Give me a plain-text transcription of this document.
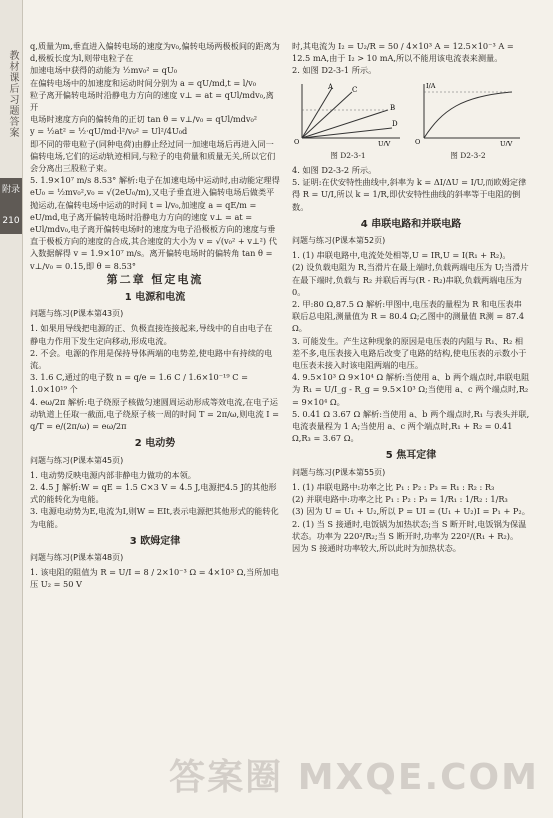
教材课后习题答案
附录
210

q,质量为m,垂直进入偏转电场的速度为v₀,偏转电场两极板间的距离为d,极板长度为l,则带电粒子在

加速电场中获得的动能为 ½mv₀² = qU₀

在偏转电场中的加速度和运动时间分别为 a = qU/md,t = l/v₀

粒子离开偏转电场时沿静电力方向的速度 v⊥ = at = qUl/mdv₀,离开

电场时速度方向的偏转角的正切 tan θ = v⊥/v₀ = qUl/mdv₀²

y = ½at² = ½·qU/md·l²/v₀² = Ul²/4U₀d

即不同的带电粒子(同种电荷)由静止经过同一加速电场后再进入同一偏转电场,它们的运动轨迹相同,与粒子的电荷量和质量无关,所以它们会分离出三股粒子束。

5. 1.9×10⁷ m/s 8.53° 解析:电子在加速电场中运动时,由动能定理得 eU₀ = ½mv₀²,v₀ = √(2eU₀/m),又电子垂直进入偏转电场后做类平抛运动,在偏转电场中运动的时间 t = l/v₀,加速度 a = qE/m = eU/md,电子离开偏转电场时沿静电力方向的速度 v⊥ = at = eUl/mdv₀,电子离开偏转电场时的速度为电子沿极板方向的速度与垂直于极板方向的速度的合成,其合速度的大小为 v = √(v₀² + v⊥²) 代入数据解得 v = 1.9×10⁷ m/s。离开偏转电场时的偏转角 tan θ = v⊥/v₀ = 0.15,即 θ = 8.53°

第二章 恒定电流
1 电源和电流
问题与练习(P课本第43页)

1. 如果用导线把电源的正、负极直接连接起来,导线中的自由电子在静电力作用下发生定向移动,形成电流。

2. 不会。电源的作用是保持导体两端的电势差,使电路中有持续的电流。

3. 1.6 C,通过的电子数 n = q/e = 1.6 C / 1.6×10⁻¹⁹ C = 1.0×10¹⁹ 个

4. eω/2π 解析:电子绕原子核做匀速圆周运动形成等效电流,在电子运动轨道上任取一截面,电子绕原子核一周的时间 T = 2π/ω,则电流 I = q/T = e/(2π/ω) = eω/2π

2 电动势
问题与练习(P课本第45页)

1. 电动势反映电源内部非静电力做功的本领。

2. 4.5 J 解析:W = qE = 1.5 C×3 V = 4.5 J,电源把4.5 J的其他形式的能转化为电能。

3. 电源电动势为E,电流为I,则W = EIt,表示电源把其他形式的能转化为电能。

3 欧姆定律
问题与练习(P课本第48页)

1. 该电阻的阻值为 R = U/I = 8 / 2×10⁻³ Ω = 4×10³ Ω,当所加电压 U₂ = 50 V

时,其电流为 I₂ = U₂/R = 50 / 4×10³ A = 12.5×10⁻³ A = 12.5 mA,由于 I₂ > 10 mA,所以不能用该电流表来测量。

2. 如图 D2-3-1 所示。

A	C
B
D
U/V
O
图 D2-3-1
I/A
U/V
O
图 D2-3-2

4. 如图 D2-3-2 所示。

5. 证明:在伏安特性曲线中,斜率为 k = ΔI/ΔU = I/U,而欧姆定律得 R = U/I,所以 k = 1/R,即伏安特性曲线的斜率等于电阻的倒数。

4 串联电路和并联电路
问题与练习(P课本第52页)

1. (1) 串联电路中,电流处处相等,U = IR,U = I(R₁ + R₂)。

(2) 设负载电阻为 R,当滑片在最上端时,负载两端电压为 U;当滑片在最下端时,负载与 R₂ 并联后再与(R - R₂)串联,负载两端电压为 0。

2. 甲:80 Ω,87.5 Ω 解析:甲图中,电压表的量程为 R 和电压表串联后总电阻,测量值为 R = 80.4 Ω;乙图中的测量值 R测 = 87.4 Ω。

3. 可能发生。产生这种现象的原因是电压表的内阻与 R₁、R₂ 相差不多,电压表接入电路后改变了电路的结构,使电压表的示数小于电压表未接入时该电阻两端的电压。

4. 9.5×10³ Ω 9×10⁴ Ω 解析:当使用 a、b 两个端点时,串联电阻为 R₁ = U/I_g - R_g = 9.5×10³ Ω;当使用 a、c 两个端点时,R₂ = 9×10⁴ Ω。

5. 0.41 Ω 3.67 Ω 解析:当使用 a、b 两个端点时,R₁ 与表头并联,电流表量程为 1 A;当使用 a、c 两个端点时,R₁ + R₂ = 0.41 Ω,R₃ = 3.67 Ω。

5 焦耳定律
问题与练习(P课本第55页)

1. (1) 串联电路中:功率之比 P₁ : P₂ : P₃ = R₁ : R₂ : R₃

(2) 并联电路中:功率之比 P₁ : P₂ : P₃ = 1/R₁ : 1/R₂ : 1/R₃

(3) 因为 U = U₁ + U₂,所以 P = UI = (U₁ + U₂)I = P₁ + P₂。

2. (1) 当 S 接通时,电饭锅为加热状态;当 S 断开时,电饭锅为保温状态。功率为 220²/R₂;当 S 断开时,功率为 220²/(R₁ + R₂)。

因为 S 接通时功率较大,所以此时为加热状态。

答案圈 MXQE.COM
